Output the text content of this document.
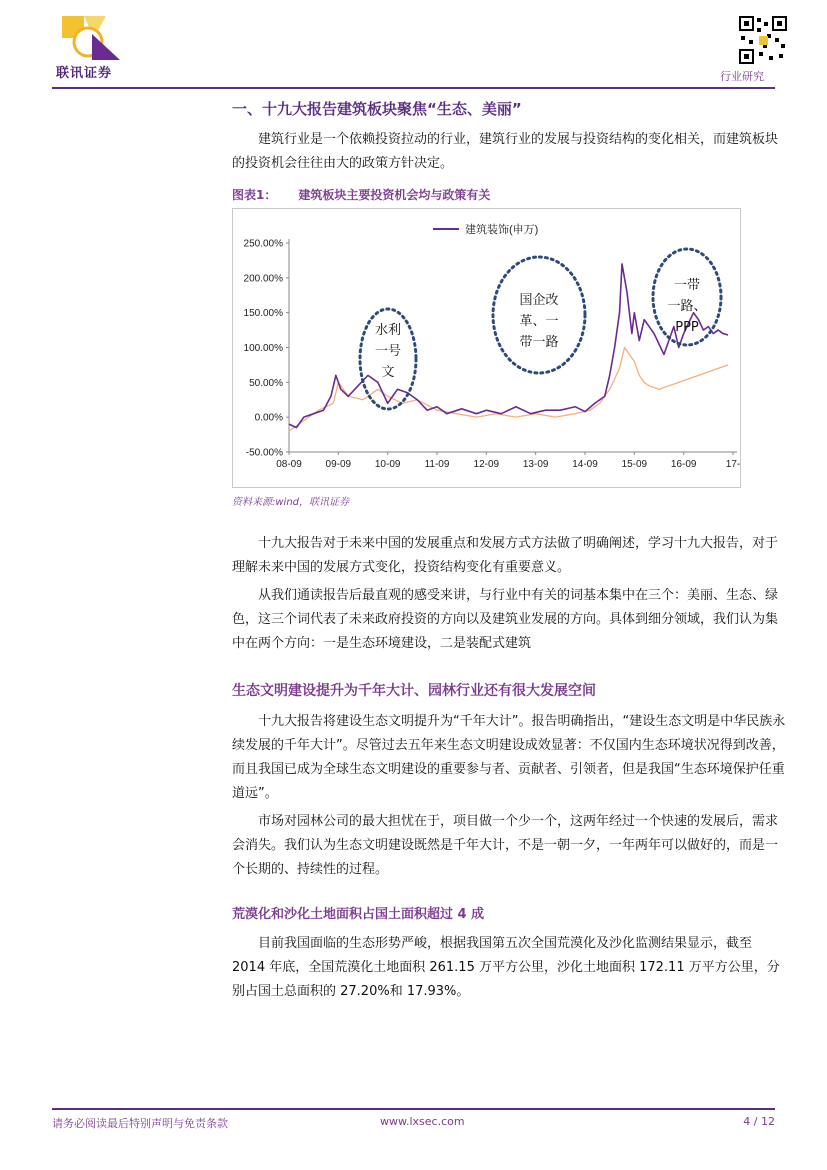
联讯证券	行业研究
一、十九大报告建筑板块聚焦“生态、美丽”

建筑行业是一个依赖投资拉动的行业，建筑行业的发展与投资结构的变化相关，而建筑板块的投资机会往往由大的政策方针决定。

图表1： 建筑板块主要投资机会均与政策有关
250.00%
200.00%
150.00%
100.00%
50.00%
0.00%
-50.00%
08-09 09-09 10-09 11-09 12-09 13-09 14-09 15-09 16-09	17-
建筑装饰(申万)
水利一号文
国企改革、一带一路
一带一路、 PPP
资料来源:wind，联讯证券

十九大报告对于未来中国的发展重点和发展方式方法做了明确阐述，学习十九大报告，对于理解未来中国的发展方式变化，投资结构变化有重要意义。

从我们通读报告后最直观的感受来讲，与行业中有关的词基本集中在三个：美丽、生态、绿色，这三个词代表了未来政府投资的方向以及建筑业发展的方向。具体到细分领域，我们认为集中在两个方向：一是生态环境建设，二是装配式建筑

生态文明建设提升为千年大计、园林行业还有很大发展空间

十九大报告将建设生态文明提升为“千年大计”。报告明确指出，“建设生态文明是中华民族永续发展的千年大计”。尽管过去五年来生态文明建设成效显著：不仅国内生态环境状况得到改善，而且我国已成为全球生态文明建设的重要参与者、贡献者、引领者，但是我国“生态环境保护任重道远”。

市场对园林公司的最大担忧在于，项目做一个少一个，这两年经过一个快速的发展后，需求会消失。我们认为生态文明建设既然是千年大计，不是一朝一夕，一年两年可以做好的，而是一个长期的、持续性的过程。

荒漠化和沙化土地面积占国土面积超过 4 成

目前我国面临的生态形势严峻，根据我国第五次全国荒漠化及沙化监测结果显示，截至 2014 年底，全国荒漠化土地面积 261.15 万平方公里，沙化土地面积 172.11 万平方公里，分别占国土总面积的 27.20%和 17.93%。

请务必阅读最后特别声明与免责条款	www.lxsec.com	4 / 12
